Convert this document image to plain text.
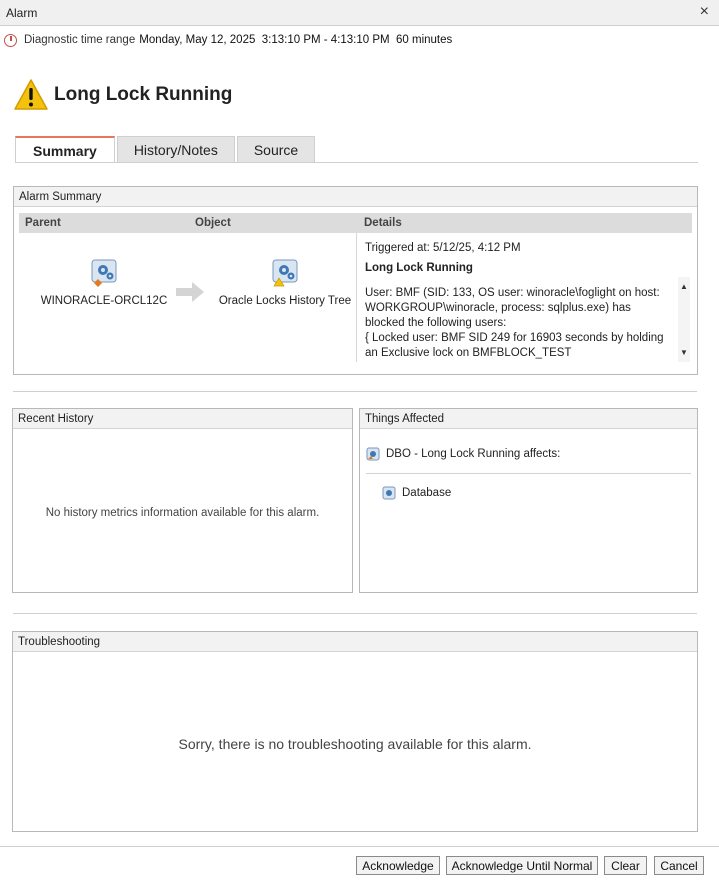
Alarm	×
Diagnostic time range Monday, May 12, 2025  3:13:10 PM - 4:13:10 PM  60 minutes
Long Lock Running
Summary	History/Notes	Source
Alarm Summary
Parent	Object	Details
WINORACLE-ORCL12C	Oracle Locks History Tree
Triggered at: 5/12/25, 4:12 PM
Long Lock Running
User: BMF (SID: 133, OS user: winoracle\foglight on host: WORKGROUP\winoracle, process: sqlplus.exe) has blocked the following users:
{ Locked user: BMF SID 249 for 16903 seconds by holding an Exclusive lock on BMFBLOCK_TEST
▲
▼
Recent History
No history metrics information available for this alarm.
Things Affected
DBO - Long Lock Running affects:
Database
Troubleshooting
Sorry, there is no troubleshooting available for this alarm.
Acknowledge	Acknowledge Until Normal	Clear	Cancel
